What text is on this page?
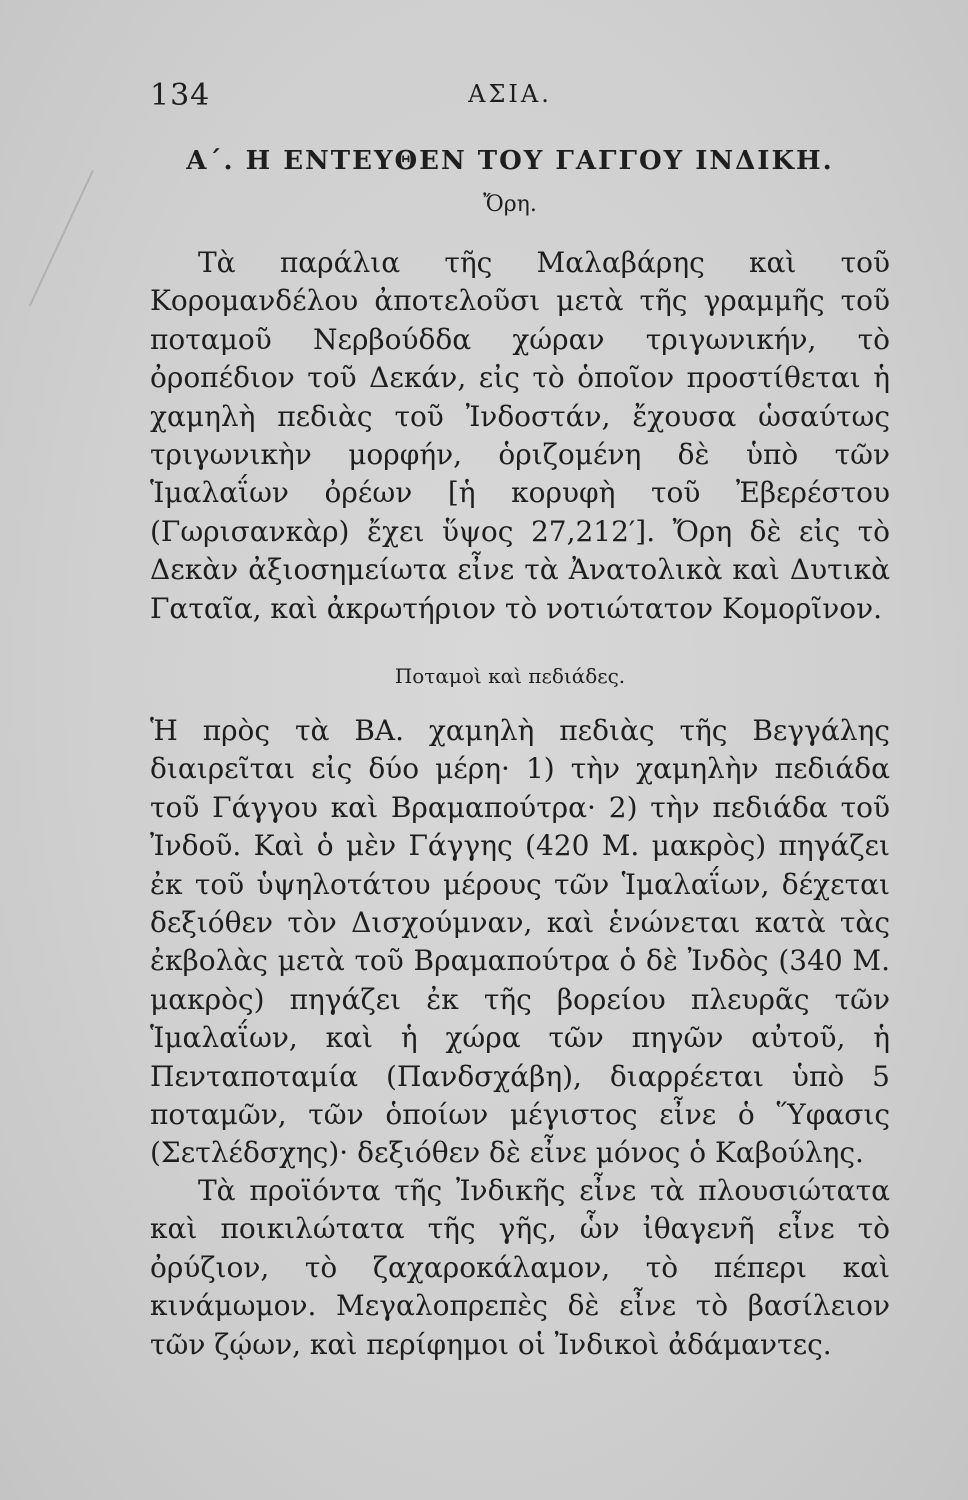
134	ΑΣΙΑ.
Α΄. Η ΕΝΤΕΥΘΕΝ ΤΟΥ ΓΑΓΓΟΥ ΙΝΔΙΚΗ.
Ὄρη.

Τὰ παράλια τῆς Μαλαβάρης καὶ τοῦ Κορομανδέλου ἀποτελοῦσι μετὰ τῆς γραμμῆς τοῦ ποταμοῦ Νερβούδδα χώραν τριγωνικήν, τὸ ὀροπέδιον τοῦ Δεκάν, εἰς τὸ ὁποῖον προστίθεται ἡ χαμηλὴ πεδιὰς τοῦ Ἰνδοστάν, ἔχουσα ὡσαύτως τριγωνικὴν μορφήν, ὁριζομένη δὲ ὑπὸ τῶν Ἱμαλαΐων ὀρέων [ἡ κορυφὴ τοῦ Ἐβερέστου (Γωρισανκὰρ) ἔχει ὕψος 27,212′]. Ὄρη δὲ εἰς τὸ Δεκὰν ἀξιοσημείωτα εἶνε τὰ Ἀνατολικὰ καὶ Δυτικὰ Γαταῖα, καὶ ἀκρωτήριον τὸ νοτιώτατον Κομορῖνον.

Ποταμοὶ καὶ πεδιάδες.

Ἡ πρὸς τὰ ΒΑ. χαμηλὴ πεδιὰς τῆς Βεγγάλης διαιρεῖται εἰς δύο μέρη· 1) τὴν χαμηλὴν πεδιάδα τοῦ Γάγγου καὶ Βραμαπούτρα· 2) τὴν πεδιάδα τοῦ Ἰνδοῦ. Καὶ ὁ μὲν Γάγγης (420 Μ. μακρὸς) πηγάζει ἐκ τοῦ ὑψηλοτάτου μέρους τῶν Ἱμαλαΐων, δέχεται δεξιόθεν τὸν Δισχούμναν, καὶ ἑνώνεται κατὰ τὰς ἐκβολὰς μετὰ τοῦ Βραμαπούτρα ὁ δὲ Ἰνδὸς (340 Μ. μακρὸς) πηγάζει ἐκ τῆς βορείου πλευρᾶς τῶν Ἱμαλαΐων, καὶ ἡ χώρα τῶν πηγῶν αὐτοῦ, ἡ Πενταποταμία (Πανδσχάβη), διαρρέεται ὑπὸ 5 ποταμῶν, τῶν ὁποίων μέγιστος εἶνε ὁ Ὕφασις (Σετλέδσχης)· δεξιόθεν δὲ εἶνε μόνος ὁ Καβούλης.

Τὰ προϊόντα τῆς Ἰνδικῆς εἶνε τὰ πλουσιώτατα καὶ ποικιλώτατα τῆς γῆς, ὧν ἰθαγενῆ εἶνε τὸ ὀρύζιον, τὸ ζαχαροκάλαμον, τὸ πέπερι καὶ κινάμωμον. Μεγαλοπρεπὲς δὲ εἶνε τὸ βασίλειον τῶν ζῴων, καὶ περίφημοι οἱ Ἰνδικοὶ ἀδάμαντες.
